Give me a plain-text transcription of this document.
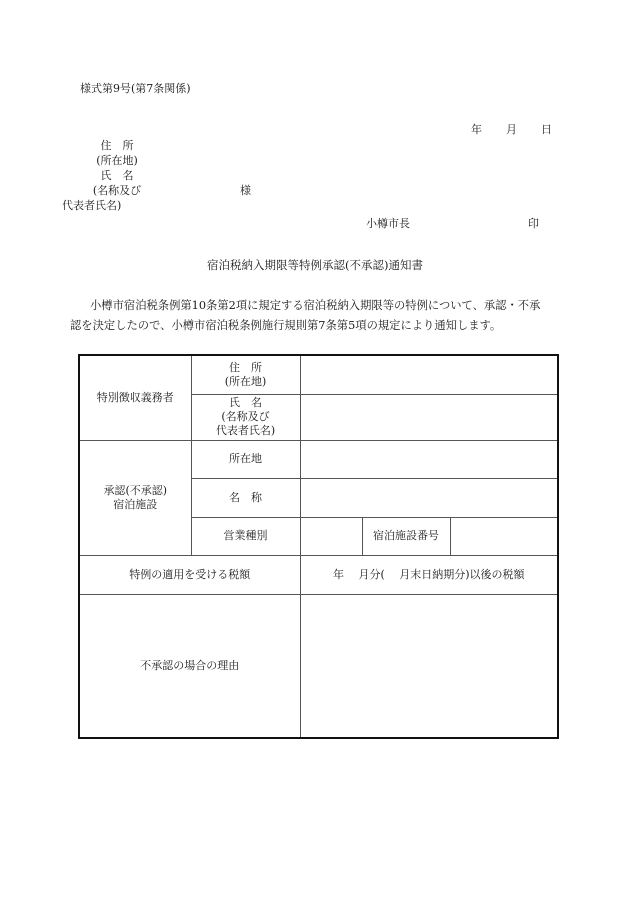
様式第9号(第7条関係)
年 月 日
住　所
(所在地)
氏　名
(名称及び
代表者氏名)
様
小樽市長	印
宿泊税納入期限等特例承認(不承認)通知書
小樽市宿泊税条例第10条第2項に規定する宿泊税納入期限等の特例について、承認・不承
認を決定したので、小樽市宿泊税条例施行規則第7条第5項の規定により通知します。
特別徴収義務者	住　所
(所在地)			

	氏　名
(名称及び
代表者氏名)			

承認(不承認)
宿泊施設	所在地			
	名　称			
	営業種別		宿泊施設番号	
特例の適用を受ける税額		年　 月分(　 月末日納期分)以後の税額		
不承認の場合の理由				
